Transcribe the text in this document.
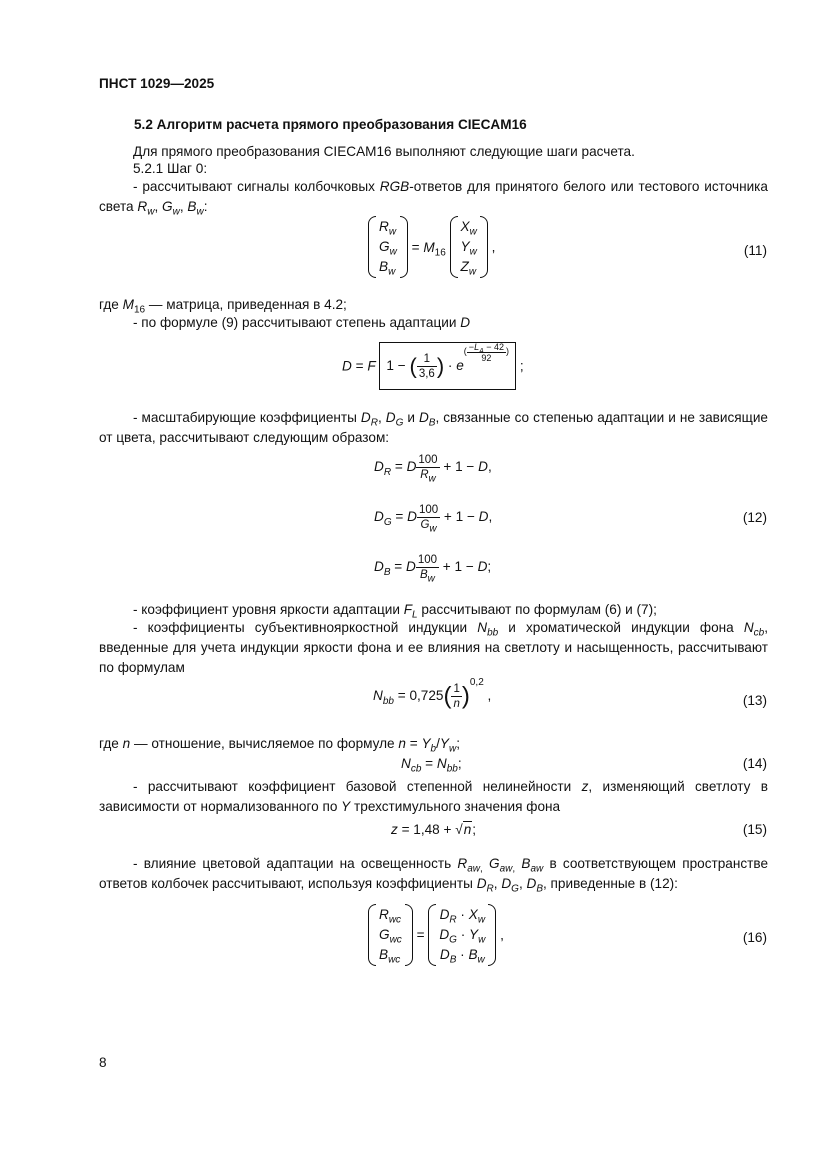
ПНСТ 1029—2025
5.2 Алгоритм расчета прямого преобразования CIECAM16
Для прямого преобразования CIECAM16 выполняют следующие шаги расчета.
5.2.1 Шаг 0:
- рассчитывают сигналы колбочковых RGB-ответов для принятого белого или тестового источника света $R_w$, $G_w$, $B_w$:
$R_w$
$G_w$
$B_w$
= $M_{16}$
$X_w$
$Y_w$
$Z_w$
,	(11)
где $M_{16}$ — матрица, приведенная в 4.2;
- по формуле (9) рассчитывают степень адаптации D
D = F 1 − ( $\frac{1}{3,6}$ ) · $e^{( \frac{-L_A - 42}{92} )}$ ;
- масштабирующие коэффициенты $D_R$, $D_G$ и $D_B$, связанные со степенью адаптации и не зависящие от цвета, рассчитывают следующим образом:
$D_R = D \frac{100}{R_w} + 1 - D$,
$D_G = D \frac{100}{G_w} + 1 - D$,	(12)
$D_B = D \frac{100}{B_w} + 1 - D$;
- коэффициент уровня яркости адаптации $F_L$ рассчитывают по формулам (6) и (7);
- коэффициенты субъективнояркостной индукции $N_{bb}$ и хроматической индукции фона $N_{cb}$, введенные для учета индукции яркости фона и ее влияния на светлоту и насыщенность, рассчитывают по формулам
$N_{bb} = 0,725( \frac{1}{n} )^{0,2}$ ,	(13)
где n — отношение, вычисляемое по формуле $n = Y_b/Y_w$;
$N_{cb} = N_{bb}$;	(14)
- рассчитывают коэффициент базовой степенной нелинейности z, изменяющий светлоту в зависимости от нормализованного по Y трехстимульного значения фона
z = 1,48 + √n;	(15)
- влияние цветовой адаптации на освещенность $R_{aw,}$ $G_{aw,}$ $B_{aw}$ в соответствующем пространстве ответов колбочек рассчитывают, используя коэффициенты $D_R$, $D_G$, $D_B$, приведенные в (12):
$R_{wc}$
$G_{wc}$
$B_{wc}$
=
$D_R \cdot X_w$
$D_G \cdot Y_w$
$D_B \cdot B_w$
,	(16)
8
